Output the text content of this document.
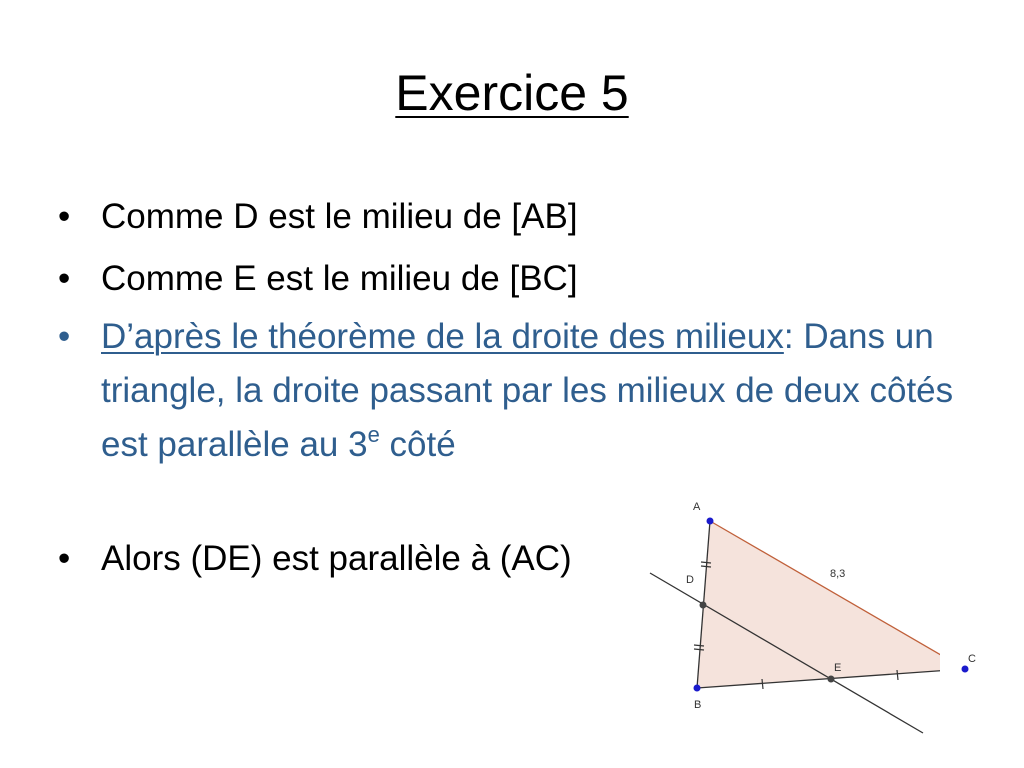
Exercice 5
• Comme D est le milieu de [AB]
• Comme E est le milieu de [BC]
• D’après le théorème de la droite des milieux: Dans un triangle, la droite passant par les milieux de deux côtés est parallèle au 3e côté
• Alors (DE) est parallèle à (AC)
A
B
D
E
8,3
C
